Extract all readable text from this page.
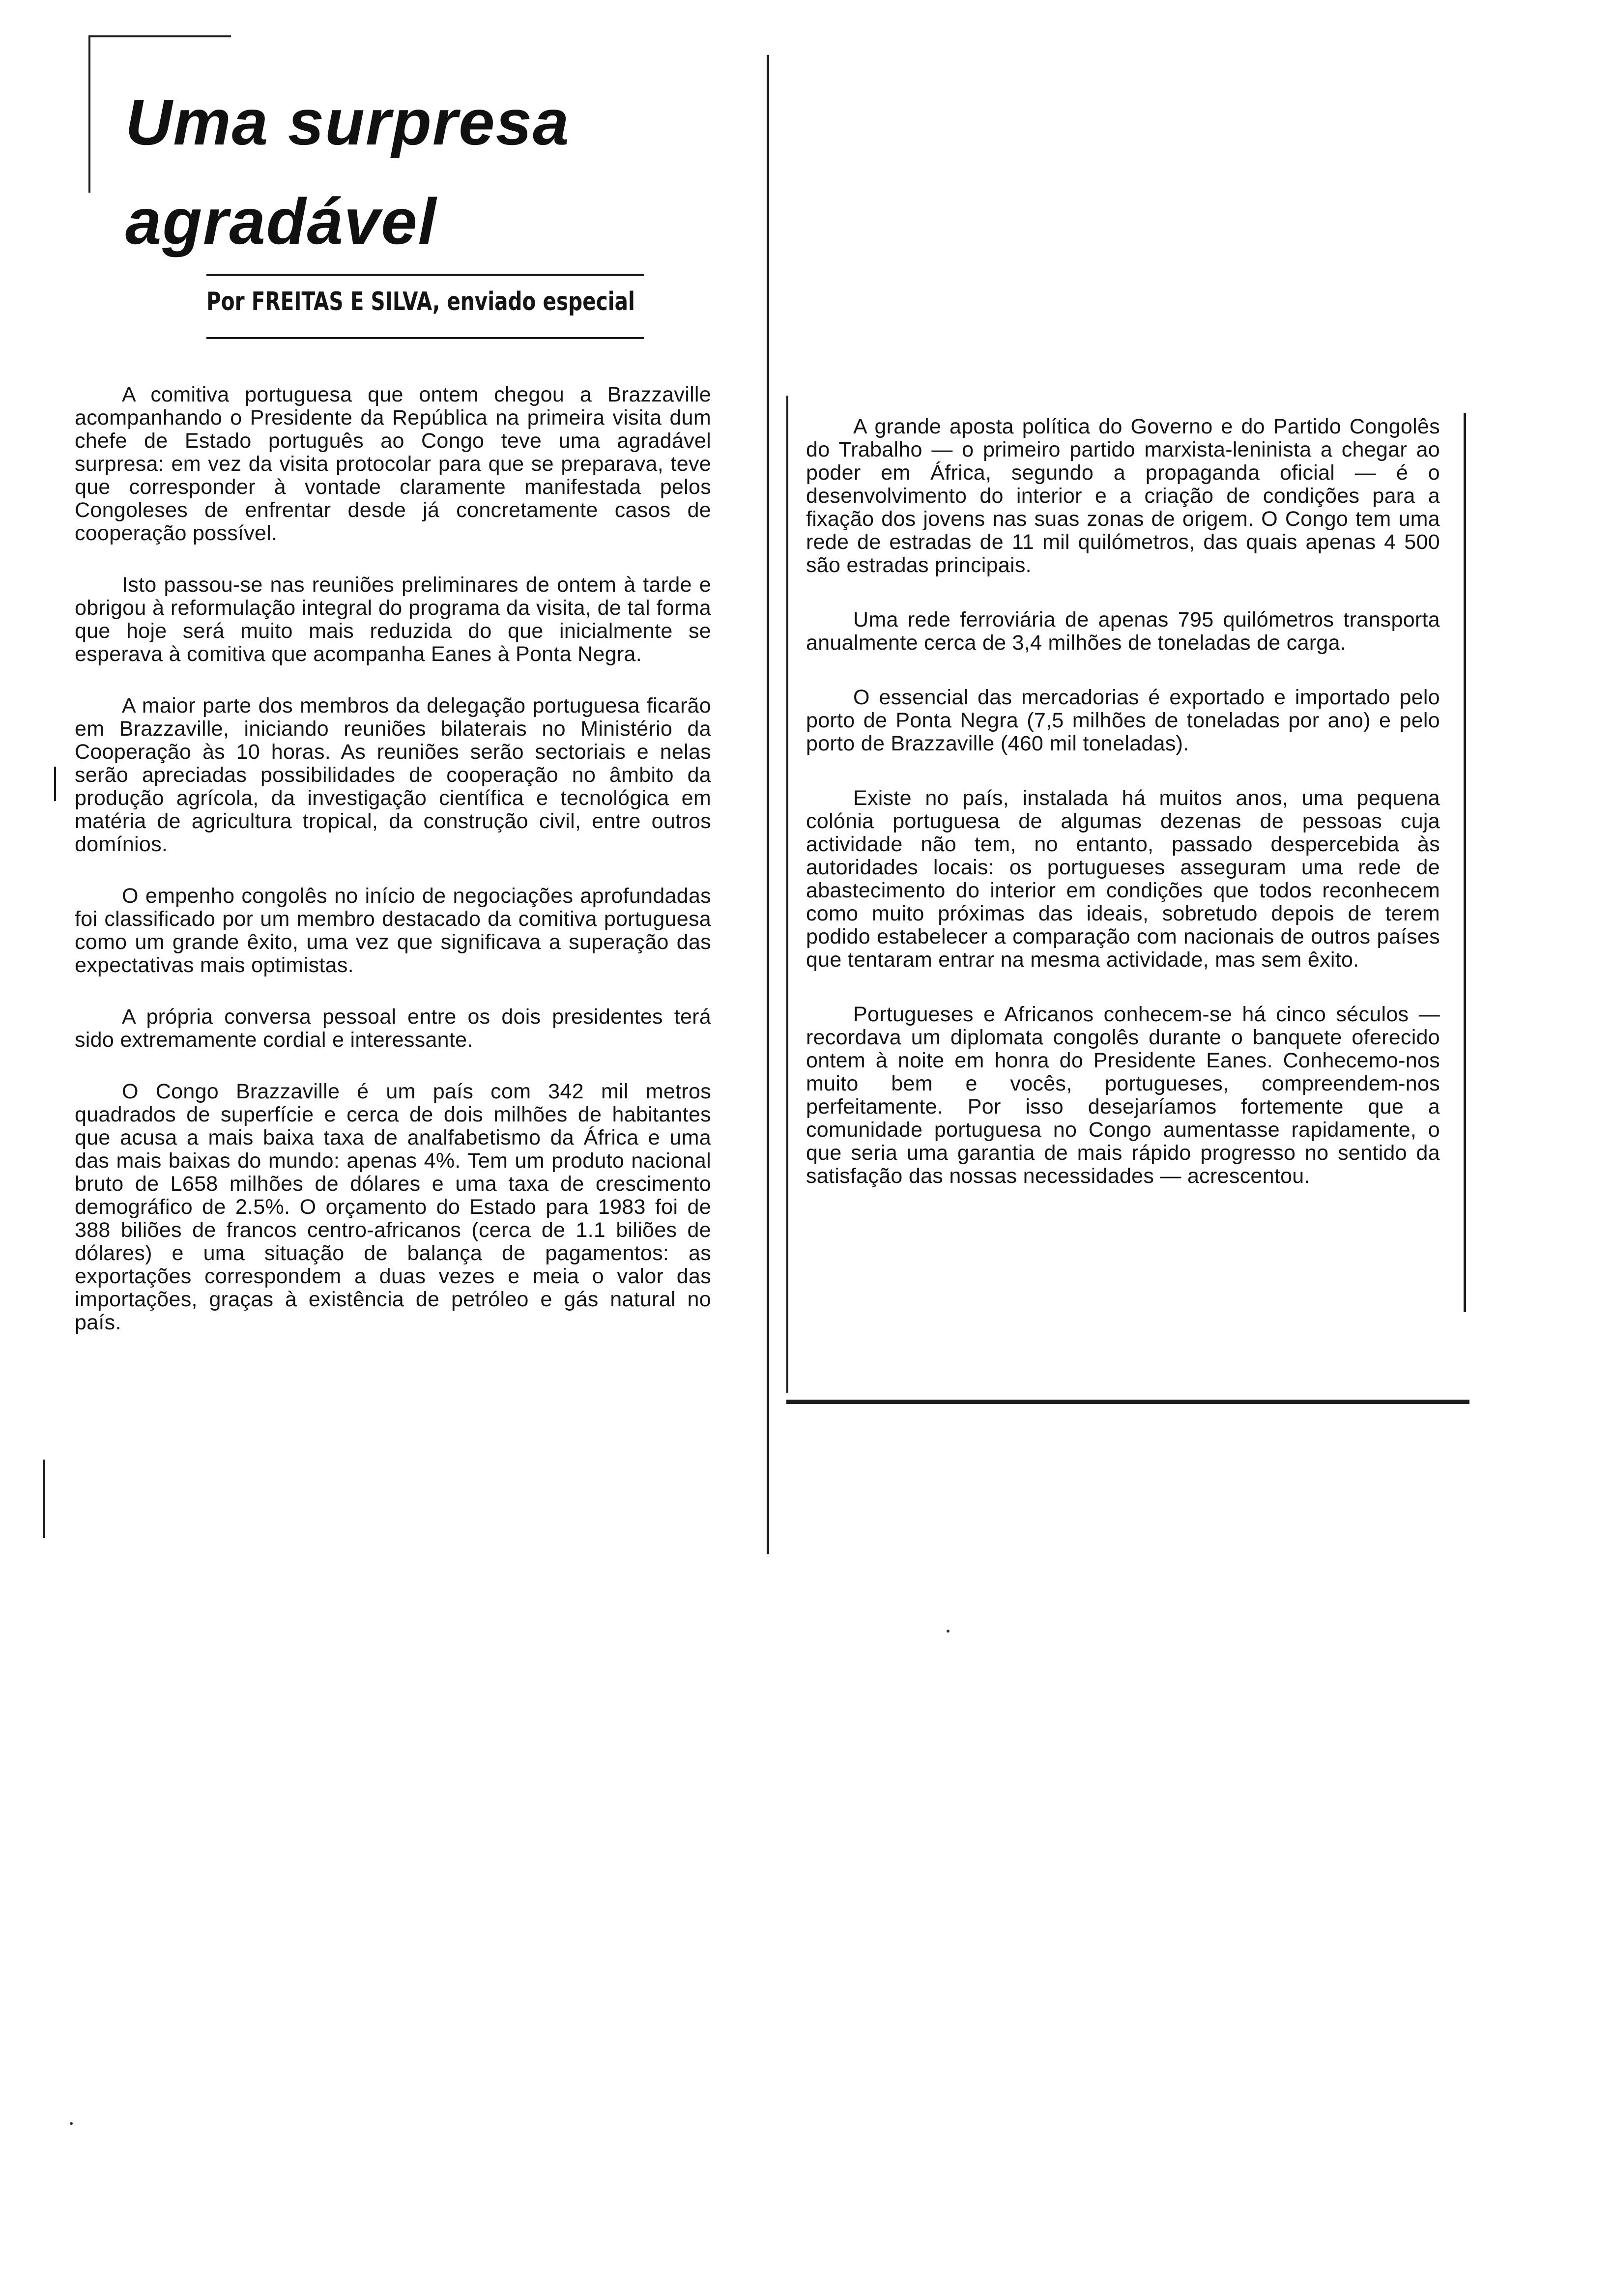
Uma surpresa agradável
Por FREITAS E SILVA, enviado especial

A comitiva portuguesa que ontem chegou a Brazzaville acompanhando o Presidente da República na primeira visita dum chefe de Estado português ao Congo teve uma agradável surpresa: em vez da visita protocolar para que se preparava, teve que corresponder à vontade claramente manifestada pelos Congoleses de enfrentar desde já concretamente casos de cooperação possível.

Isto passou-se nas reuniões preliminares de ontem à tarde e obrigou à reformulação integral do programa da visita, de tal forma que hoje será muito mais reduzida do que inicialmente se esperava à comitiva que acompanha Eanes à Ponta Negra.

A maior parte dos membros da delegação portuguesa ficarão em Brazzaville, iniciando reuniões bilaterais no Ministério da Cooperação às 10 horas. As reuniões serão sectoriais e nelas serão apreciadas possibilidades de cooperação no âmbito da produção agrícola, da investigação científica e tecnológica em matéria de agricultura tropical, da construção civil, entre outros domínios.

O empenho congolês no início de negociações aprofundadas foi classificado por um membro destacado da comitiva portuguesa como um grande êxito, uma vez que significava a superação das expectativas mais optimistas.

A própria conversa pessoal entre os dois presidentes terá sido extremamente cordial e interessante.

O Congo Brazzaville é um país com 342 mil metros quadrados de superfície e cerca de dois milhões de habitantes que acusa a mais baixa taxa de analfabetismo da África e uma das mais baixas do mundo: apenas 4%. Tem um produto nacional bruto de L658 milhões de dólares e uma taxa de crescimento demográfico de 2.5%. O orçamento do Estado para 1983 foi de 388 biliões de francos centro-africanos (cerca de 1.1 biliões de dólares) e uma situação de balança de pagamentos: as exportações correspondem a duas vezes e meia o valor das importações, graças à existência de petróleo e gás natural no país.

A grande aposta política do Governo e do Partido Congolês do Trabalho — o primeiro partido marxista-leninista a chegar ao poder em África, segundo a propaganda oficial — é o desenvolvimento do interior e a criação de condições para a fixação dos jovens nas suas zonas de origem. O Congo tem uma rede de estradas de 11 mil quilómetros, das quais apenas 4 500 são estradas principais.

Uma rede ferroviária de apenas 795 quilómetros transporta anualmente cerca de 3,4 milhões de toneladas de carga.

O essencial das mercadorias é exportado e importado pelo porto de Ponta Negra (7,5 milhões de toneladas por ano) e pelo porto de Brazzaville (460 mil toneladas).

Existe no país, instalada há muitos anos, uma pequena colónia portuguesa de algumas dezenas de pessoas cuja actividade não tem, no entanto, passado despercebida às autoridades locais: os portugueses asseguram uma rede de abastecimento do interior em condições que todos reconhecem como muito próximas das ideais, sobretudo depois de terem podido estabelecer a comparação com nacionais de outros países que tentaram entrar na mesma actividade, mas sem êxito.

Portugueses e Africanos conhecem-se há cinco séculos — recordava um diplomata congolês durante o banquete oferecido ontem à noite em honra do Presidente Eanes. Conhecemo-nos muito bem e vocês, portugueses, compreendem-nos perfeitamente. Por isso desejaríamos fortemente que a comunidade portuguesa no Congo aumentasse rapidamente, o que seria uma garantia de mais rápido progresso no sentido da satisfação das nossas necessidades — acrescentou.
